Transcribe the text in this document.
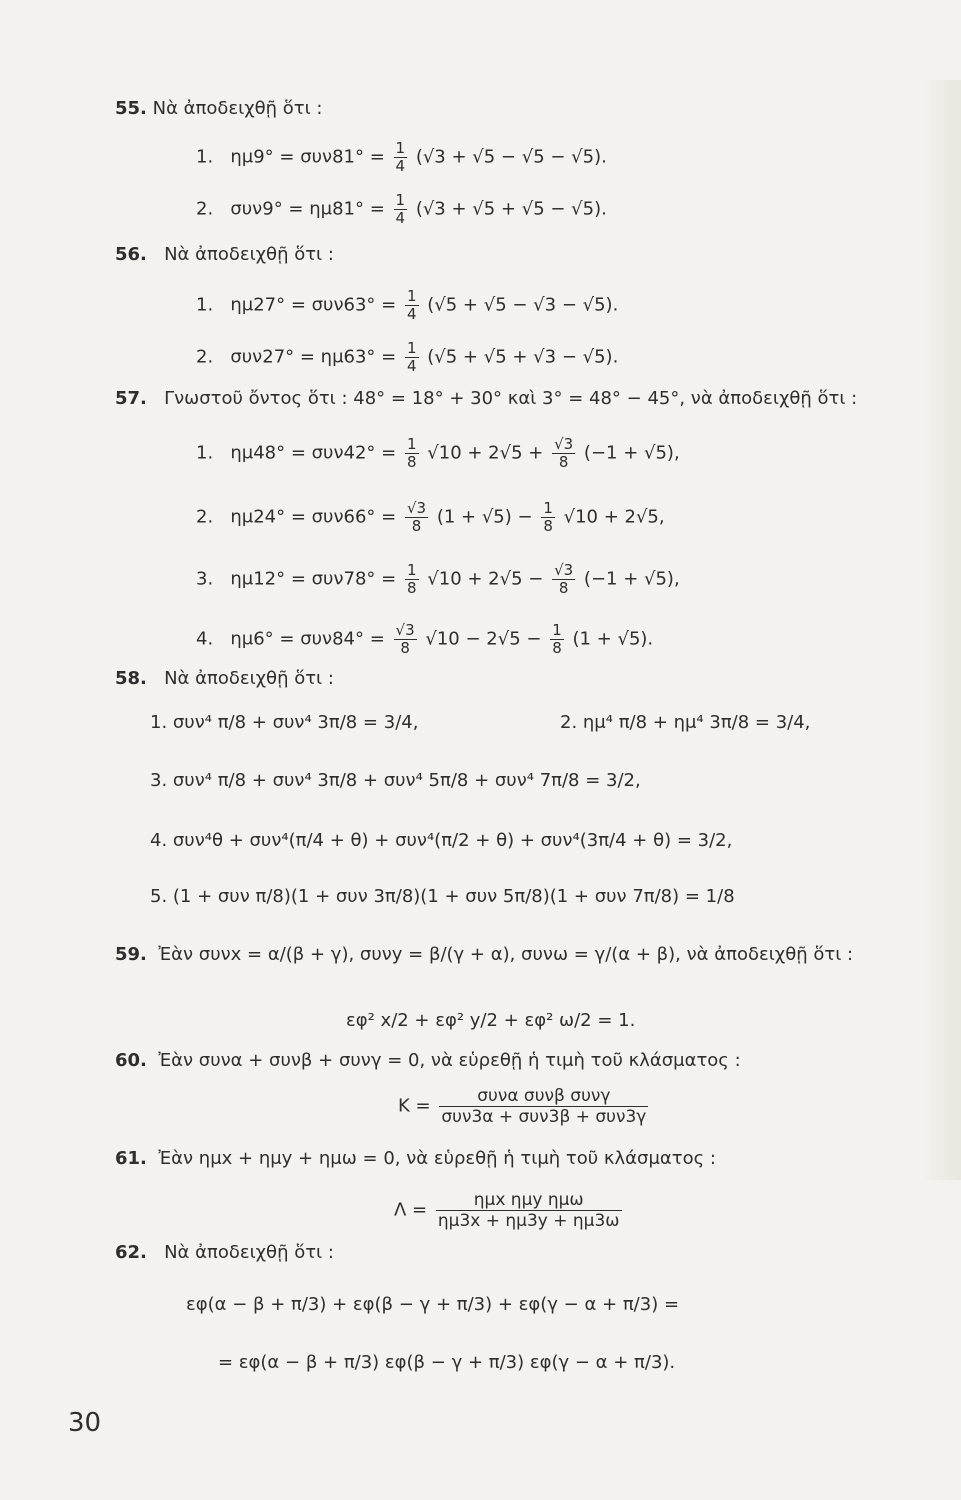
55. Νὰ ἀποδειχθῇ ὅτι :
1. $\eta\mu 9^\circ = \sigma\upsilon\nu 81^\circ = \frac{1}{4} (√3 + √5 - √5 - √5)$.
2. $\sigma\upsilon\nu 9^\circ = \eta\mu 81^\circ = \frac{1}{4} (√3 + √5 + √5 - √5)$.
56. Νὰ ἀποδειχθῇ ὅτι :
1. $\eta\mu 27^\circ = \sigma\upsilon\nu 63^\circ = \frac{1}{4} (√5 + √5 - √3 - √5)$.
2. $\sigma\upsilon\nu 27^\circ = \eta\mu 63^\circ = \frac{1}{4} (√5 + √5 + √3 - √5)$.
57. Γνωστοῦ ὄντος ὅτι : 48° = 18° + 30° καὶ 3° = 48° − 45°, νὰ ἀποδειχθῇ ὅτι :
1. $\eta\mu 48^\circ = \sigma\upsilon\nu 42^\circ = \frac{1}{8} √10 + 2√5 + \frac{√3}{8} (-1 + √5)$,
2. $\eta\mu 24^\circ = \sigma\upsilon\nu 66^\circ = \frac{√3}{8} (1 + √5) - \frac{1}{8} √10 + 2√5$,
3. $\eta\mu 12^\circ = \sigma\upsilon\nu 78^\circ = \frac{1}{8} √10 + 2√5 - \frac{√3}{8} (-1 + √5)$,
4. $\eta\mu 6^\circ = \sigma\upsilon\nu 84^\circ = \frac{√3}{8} √10 - 2√5 - \frac{1}{8} (1 + √5)$.
58. Νὰ ἀποδειχθῇ ὅτι :
1. συν⁴ π/8 + συν⁴ 3π/8 = 3/4,	2. ημ⁴ π/8 + ημ⁴ 3π/8 = 3/4,
3. συν⁴ π/8 + συν⁴ 3π/8 + συν⁴ 5π/8 + συν⁴ 7π/8 = 3/2,
4. συν⁴θ + συν⁴(π/4 + θ) + συν⁴(π/2 + θ) + συν⁴(3π/4 + θ) = 3/2,
5. (1 + συν π/8)(1 + συν 3π/8)(1 + συν 5π/8)(1 + συν 7π/8) = 1/8
59. Ἐὰν συνx = α/(β + γ), συνy = β/(γ + α), συνω = γ/(α + β), νὰ ἀποδειχθῇ ὅτι :
εφ² x/2 + εφ² y/2 + εφ² ω/2 = 1.
60. Ἐὰν συνα + συνβ + συνγ = 0, νὰ εὑρεθῇ ἡ τιμὴ τοῦ κλάσματος :
K =	συνα συνβ συνγ
συν3α + συν3β + συν3γ
61. Ἐὰν ημx + ημy + ημω = 0, νὰ εὑρεθῇ ἡ τιμὴ τοῦ κλάσματος :
Λ =	ημx ημy ημω
ημ3x + ημ3y + ημ3ω
62. Νὰ ἀποδειχθῇ ὅτι :
εφ(α − β + π/3) + εφ(β − γ + π/3) + εφ(γ − α + π/3) =
= εφ(α − β + π/3) εφ(β − γ + π/3) εφ(γ − α + π/3).
30
